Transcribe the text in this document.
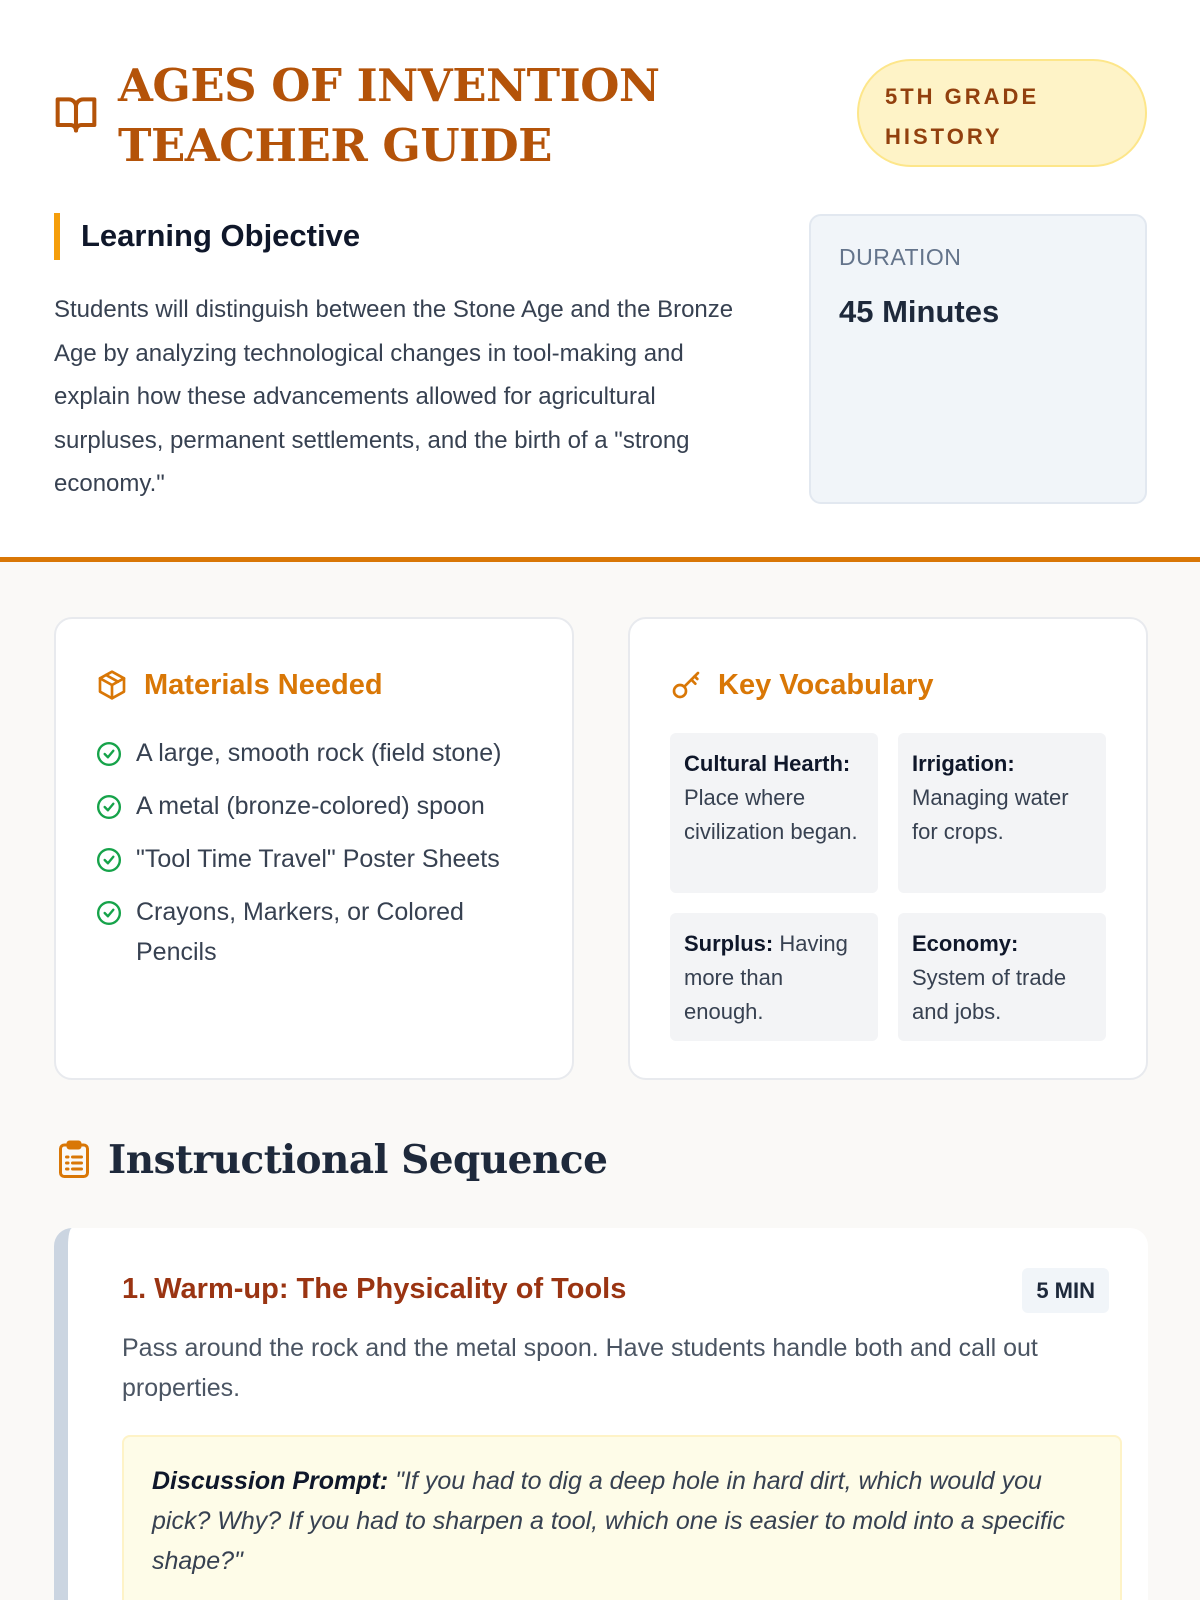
AGES OF INVENTION TEACHER GUIDE
5TH GRADE
HISTORY
Learning Objective

Students will distinguish between the Stone Age and the Bronze Age by analyzing technological changes in tool-making and explain how these advancements allowed for agricultural surpluses, permanent settlements, and the birth of a "strong economy."

DURATION
45 Minutes
Materials Needed
A large, smooth rock (field stone)
A metal (bronze-colored) spoon
"Tool Time Travel" Poster Sheets
Crayons, Markers, or Colored Pencils
Key Vocabulary
Cultural Hearth: Place where civilization began.
Irrigation: Managing water for crops.
Surplus: Having more than enough.
Economy: System of trade and jobs.
Instructional Sequence
1. Warm-up: The Physicality of Tools	5 MIN

Pass around the rock and the metal spoon. Have students handle both and call out properties.

Discussion Prompt: "If you had to dig a deep hole in hard dirt, which would you pick? Why? If you had to sharpen a tool, which one is easier to mold into a specific shape?"
